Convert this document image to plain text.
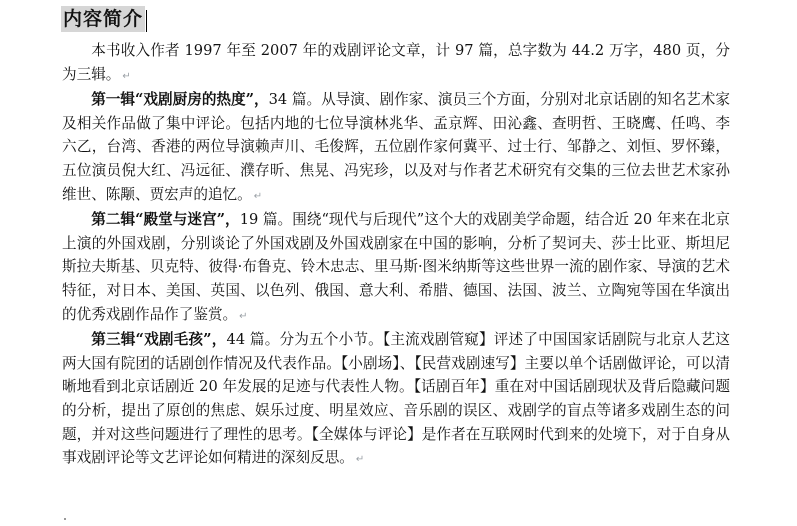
内容简介

本书收入作者 1997 年至 2007 年的戏剧评论文章，计 97 篇，总字数为 44.2 万字，480 页，分为三辑。 ↵

第一辑“戏剧厨房的热度”，34 篇。从导演、剧作家、演员三个方面，分别对北京话剧的知名艺术家及相关作品做了集中评论。包括内地的七位导演林兆华、孟京辉、田沁鑫、查明哲、王晓鹰、任鸣、李六乙，台湾、香港的两位导演赖声川、毛俊辉，五位剧作家何冀平、过士行、邹静之、刘恒、罗怀臻，五位演员倪大红、冯远征、濮存昕、焦晃、冯宪珍，以及对与作者艺术研究有交集的三位去世艺术家孙维世、陈颙、贾宏声的追忆。 ↵

第二辑“殿堂与迷宫”，19 篇。围绕“现代与后现代”这个大的戏剧美学命题，结合近 20 年来在北京上演的外国戏剧，分别谈论了外国戏剧及外国戏剧家在中国的影响，分析了契诃夫、莎士比亚、斯坦尼斯拉夫斯基、贝克特、彼得·布鲁克、铃木忠志、里马斯·图米纳斯等这些世界一流的剧作家、导演的艺术特征，对日本、美国、英国、以色列、俄国、意大利、希腊、德国、法国、波兰、立陶宛等国在华演出的优秀戏剧作品作了鉴赏。 ↵

第三辑“戏剧毛孩”，44 篇。分为五个小节。【主流戏剧管窥】评述了中国国家话剧院与北京人艺这两大国有院团的话剧创作情况及代表作品。【小剧场】、【民营戏剧速写】主要以单个话剧做评论，可以清晰地看到北京话剧近 20 年发展的足迹与代表性人物。【话剧百年】重在对中国话剧现状及背后隐藏问题的分析，提出了原创的焦虑、娱乐过度、明星效应、音乐剧的误区、戏剧学的盲点等诸多戏剧生态的问题，并对这些问题进行了理性的思考。【全媒体与评论】是作者在互联网时代到来的处境下，对于自身从事戏剧评论等文艺评论如何精进的深刻反思。 ↵
